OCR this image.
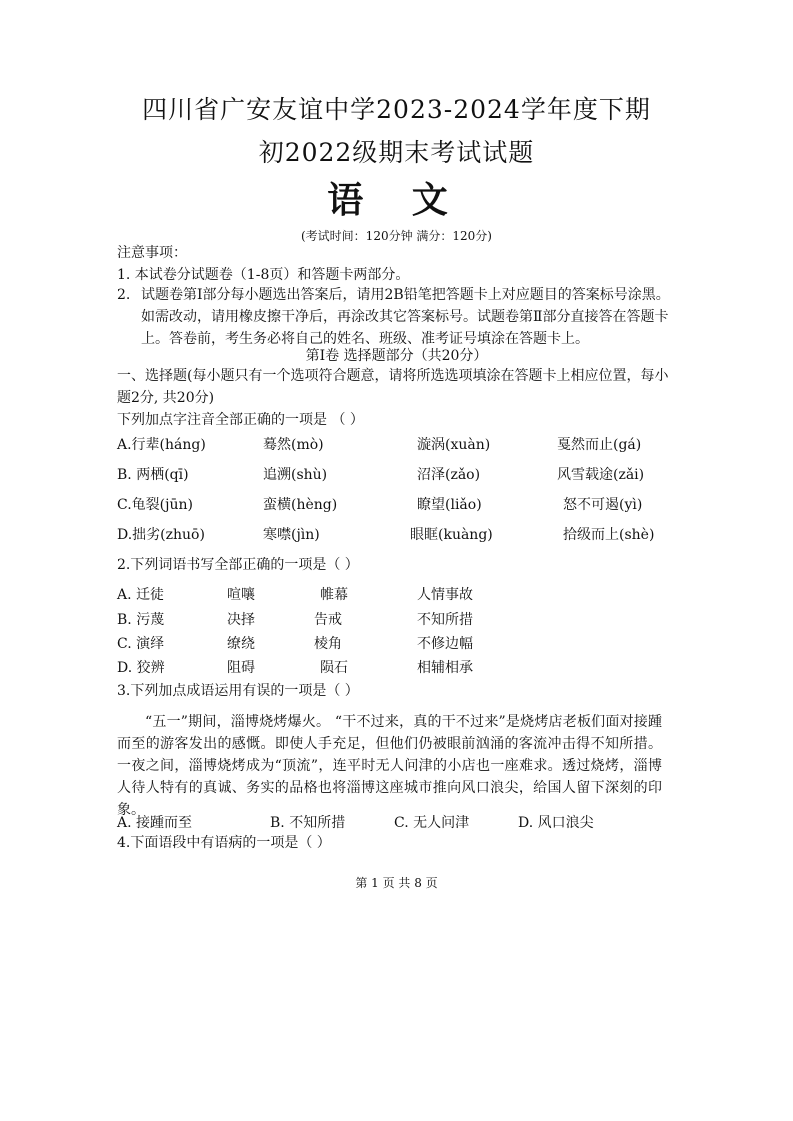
四川省广安友谊中学2023-2024学年度下期
初2022级期末考试试题
语 文
(考试时间：120分钟 满分：120分)
注意事项：
1. 本试卷分试题卷（1-8页）和答题卡两部分。
2. 试题卷第Ⅰ部分每小题选出答案后，请用2B铅笔把答题卡上对应题目的答案标号涂黑。如需改动，请用橡皮擦干净后，再涂改其它答案标号。试题卷第Ⅱ部分直接答在答题卡上。答卷前，考生务必将自己的姓名、班级、准考证号填涂在答题卡上。
第Ⅰ卷 选择题部分（共20分）
一、选择题(每小题只有一个选项符合题意，请将所选选项填涂在答题卡上相应位置，每小题2分, 共20分)
下列加点字注音全部正确的一项是 （ ）
A.行辈(háng)	蓦然(mò)	漩涡(xuàn)	戛然而止(gá)
B. 两栖(qī)	追溯(shù)	沼泽(zǎo)	风雪载途(zǎi)
C.龟裂(jūn)	蛮横(hèng)	瞭望(liǎo)	怒不可遏(yì)
D.拙劣(zhuō)	寒噤(jìn)	眼眶(kuàng)	拾级而上(shè)
2.下列词语书写全部正确的一项是（ ）
A. 迁徒	喧嚷	帷幕	人情事故
B. 污蔑	决择	告戒	不知所措
C. 演绎	缭绕	棱角	不修边幅
D. 狡辨	阻碍	陨石	相辅相承
3.下列加点成语运用有误的一项是（ ）
“五一”期间，淄博烧烤爆火。 “干不过来，真的干不过来”是烧烤店老板们面对接踵而至的游客发出的感慨。即使人手充足，但他们仍被眼前汹涌的客流冲击得不知所措。一夜之间，淄博烧烤成为“顶流”，连平时无人问津的小店也一座难求。透过烧烤，淄博人待人特有的真诚、务实的品格也将淄博这座城市推向风口浪尖，给国人留下深刻的印象。
A. 接踵而至	B. 不知所措	C. 无人问津	D. 风口浪尖
4.下面语段中有语病的一项是（ ）
第 1 页 共 8 页
